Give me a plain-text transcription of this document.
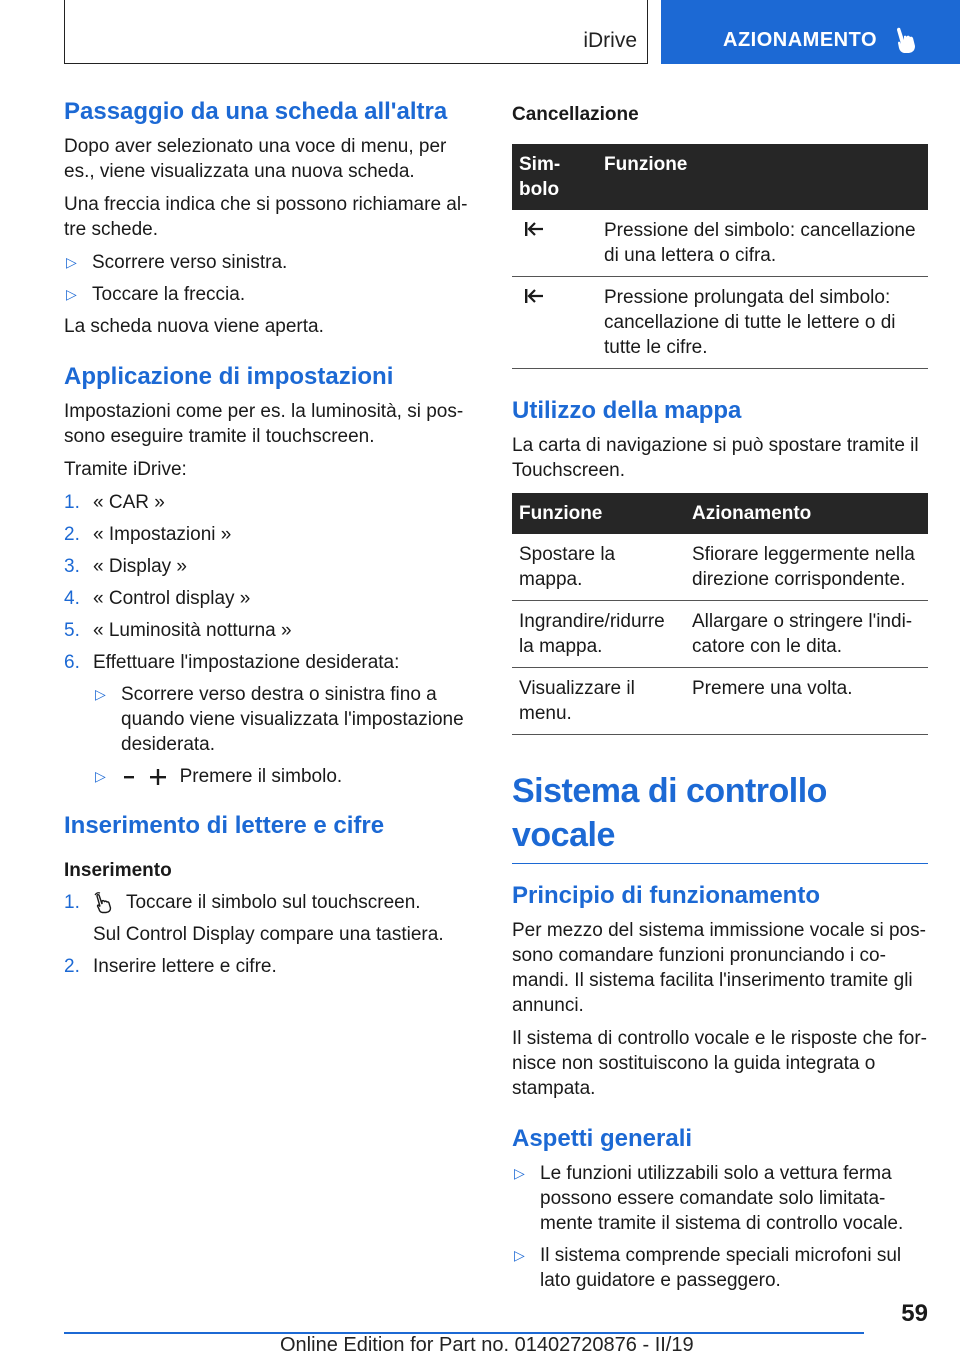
iDrive	AZIONAMENTO
Passaggio da una scheda all'altra

Dopo aver selezionato una voce di menu, per es., viene visualizzata una nuova scheda.

Una freccia indica che si possono richiamare al-tre schede.

▷ Scorrere verso sinistra.
▷ Toccare la freccia.

La scheda nuova viene aperta.

Applicazione di impostazioni

Impostazioni come per es. la luminosità, si pos-sono eseguire tramite il touchscreen.

Tramite iDrive:

1. « CAR »
2. « Impostazioni »
3. « Display »
4. « Control display »
5. « Luminosità notturna »
6. Effettuare l'impostazione desiderata:
▷ Scorrere verso destra o sinistra fino a quando viene visualizzata l'impostazione desiderata.
▷ Premere il simbolo.
Inserimento di lettere e cifre
Inserimento
1. Toccare il simbolo sul touchscreen.
Sul Control Display compare una tastiera.
2. Inserire lettere e cifre.
Cancellazione
Sim-bolo	Funzione
	Pressione del simbolo: cancellazione di una lettera o cifra.
	Pressione prolungata del simbolo: cancellazione di tutte le lettere o di tutte le cifre.
Utilizzo della mappa

La carta di navigazione si può spostare tramite il Touchscreen.

Funzione	Azionamento
Spostare la mappa.	Sfiorare leggermente nella direzione corrispondente.
Ingrandire/ridurre la mappa.	Allargare o stringere l'indi-catore con le dita.
Visualizzare il menu.	Premere una volta.
Sistema di controllo vocale
Principio di funzionamento

Per mezzo del sistema immissione vocale si pos-sono comandare funzioni pronunciando i co-mandi. Il sistema facilita l'inserimento tramite gli annunci.

Il sistema di controllo vocale e le risposte che for-nisce non sostituiscono la guida integrata o stampata.

Aspetti generali
▷ Le funzioni utilizzabili solo a vettura ferma possono essere comandate solo limitata-mente tramite il sistema di controllo vocale.
▷ Il sistema comprende speciali microfoni sul lato guidatore e passeggero.
59
Online Edition for Part no. 01402720876 - II/19
